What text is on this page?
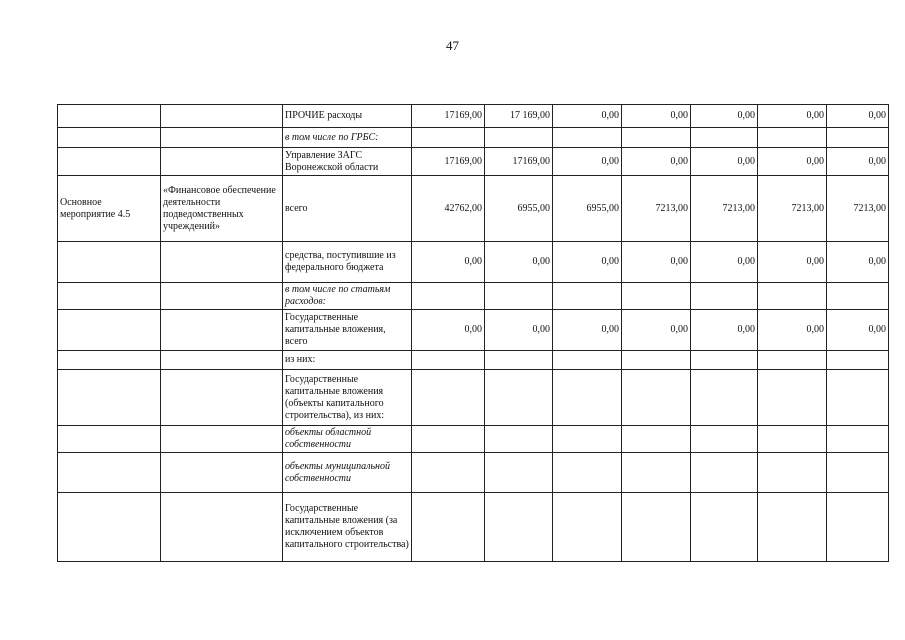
47
		ПРОЧИЕ расходы	17169,00	17 169,00	0,00	0,00	0,00	0,00	0,00
		в том числе по ГРБС:							
		Управление ЗАГС Воронежской области	17169,00	17169,00	0,00	0,00	0,00	0,00	0,00
Основное мероприятие 4.5	«Финансовое обеспечение деятельности подведомственных учреждений»	всего	42762,00	6955,00	6955,00	7213,00	7213,00	7213,00	7213,00
		средства, поступившие из федерального бюджета	0,00	0,00	0,00	0,00	0,00	0,00	0,00
		в том числе по статьям расходов:							
		Государственные капитальные вложения, всего	0,00	0,00	0,00	0,00	0,00	0,00	0,00
		из них:							
		Государственные капитальные вложения (объекты капитального строительства), из них:							
		объекты областной собственности							
		объекты муниципальной собственности							
		Государственные капитальные вложения (за исключением объектов капитального строительства)							
